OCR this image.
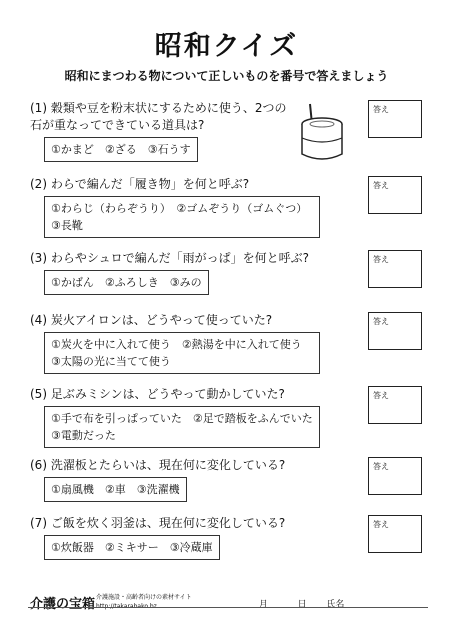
昭和クイズ
昭和にまつわる物について正しいものを番号で答えましょう
(1) 穀類や豆を粉末状にするために使う、2つの石が重なってできている道具は?
①かまど　②ざる　③石うす
答え
(2) わらで編んだ「履き物」を何と呼ぶ?
①わらじ（わらぞうり）　②ゴムぞうり（ゴムぐつ）　③長靴
答え
(3) わらやシュロで編んだ「雨がっぱ」を何と呼ぶ?
①かばん　②ふろしき　③みの
答え
(4) 炭火アイロンは、どうやって使っていた?
①炭火を中に入れて使う　②熱湯を中に入れて使う　③太陽の光に当てて使う
答え
(5) 足ぶみミシンは、どうやって動かしていた?
①手で布を引っぱっていた　②足で踏板をふんでいた　③電動だった
答え
(6) 洗濯板とたらいは、現在何に変化している?
①扇風機　②車　③洗濯機
答え
(7) ご飯を炊く羽釜は、現在何に変化している?
①炊飯器　②ミキサー　③冷蔵庫
答え
介護の宝箱 介護施設・高齢者向けの素材サイト
http://takarabako.bz	月	日 氏名
